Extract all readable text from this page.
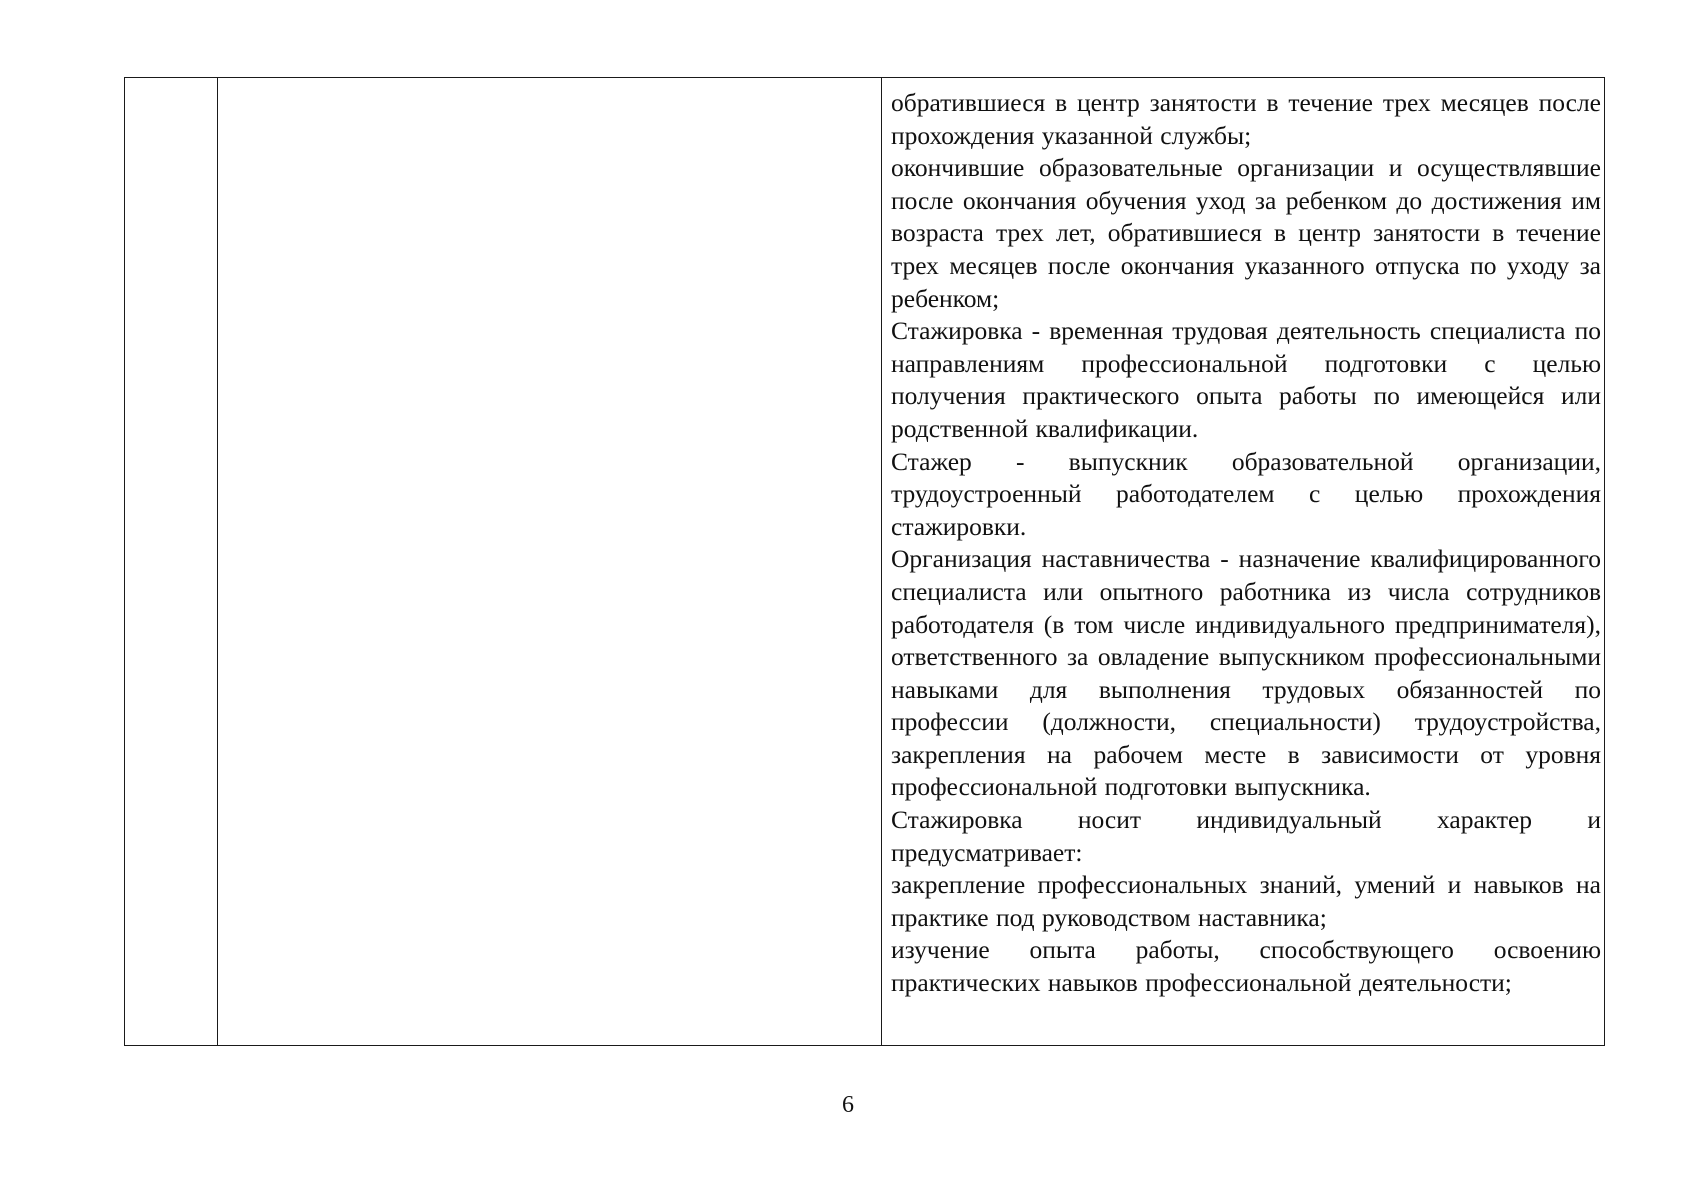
обратившиеся в центр занятости в течение трех месяцев после прохождения указанной службы;

окончившие образовательные организации и осуществлявшие после окончания обучения уход за ребенком до достижения им возраста трех лет, обратившиеся в центр занятости в течение трех месяцев после окончания указанного отпуска по уходу за ребенком;

Стажировка - временная трудовая деятельность специалиста по направлениям профессиональной подготовки с целью получения практического опыта работы по имеющейся или родственной квалификации.

Стажер - выпускник образовательной организации, трудоустроенный работодателем с целью прохождения стажировки.

Организация наставничества - назначение квалифицированного специалиста или опытного работника из числа сотрудников работодателя (в том числе индивидуального предпринимателя), ответственного за овладение выпускником профессиональными навыками для выполнения трудовых обязанностей по профессии (должности, специальности) трудоустройства, закрепления на рабочем месте в зависимости от уровня профессиональной подготовки выпускника.

Стажировка носит индивидуальный характер и предусматривает:

закрепление профессиональных знаний, умений и навыков на практике под руководством наставника;

изучение опыта работы, способствующего освоению практических навыков профессиональной деятельности;

6
